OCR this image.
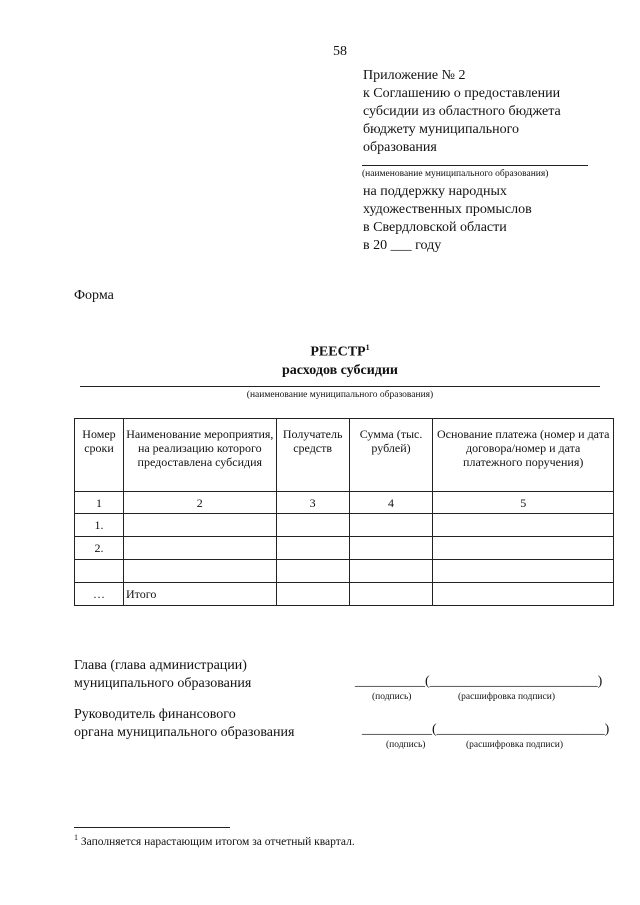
58
Приложение № 2
к Соглашению о предоставлении
субсидии из областного бюджета
бюджету муниципального
образования
(наименование муниципального образования)
на поддержку народных
художественных промыслов
в Свердловской области
в 20 ___ году
Форма
РЕЕСТР$^1$
расходов субсидии
(наименование муниципального образования)
Номер сроки	Наименование мероприятия, на реализацию которого предоставлена субсидия	Получатель средств	Сумма (тыс. рублей)	Основание платежа (номер и дата договора/номер и дата платежного поручения)
1	2	3	4	5
1.				
2.				

…	Итого			
Глава (глава администрации)
муниципального образования	__________(________________________)
(подпись)	(расшифровка подписи)
Руководитель финансового
органа муниципального образования	__________(________________________)
(подпись)	(расшифровка подписи)
$^1$ Заполняется нарастающим итогом за отчетный квартал.
